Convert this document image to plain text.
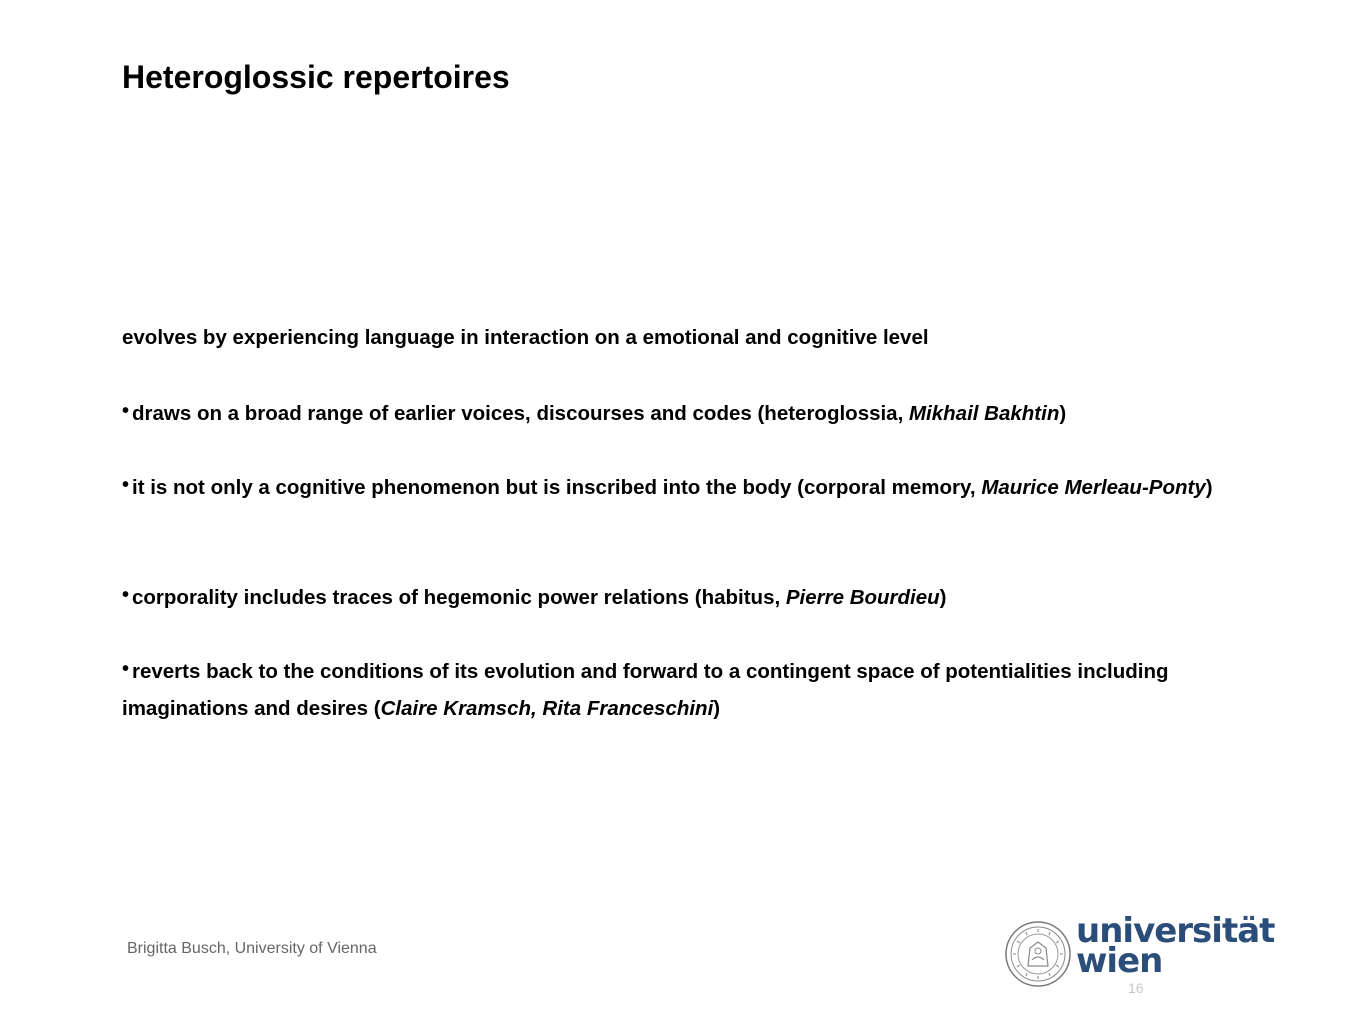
Heteroglossic repertoires

evolves by experiencing language in interaction on a emotional and cognitive level

• draws on a broad range of earlier voices, discourses and codes (heteroglossia, Mikhail Bakhtin)

• it is not only a cognitive phenomenon but is inscribed into the body (corporal memory, Maurice Merleau-Ponty)

• corporality includes traces of hegemonic power relations (habitus, Pierre Bourdieu)

• reverts back to the conditions of its evolution and forward to a contingent space of potentialities including imaginations and desires (Claire Kramsch, Rita Franceschini)

Brigitta Busch, University of Vienna	universität
wien
16
